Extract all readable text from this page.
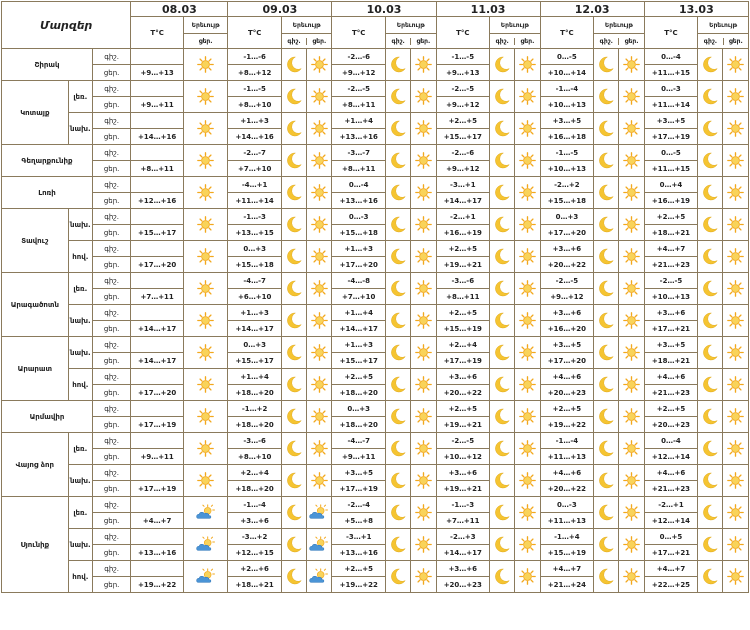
Մարզեր			08.03		09.03			10.03			11.03			12.03			13.03		
			T°C	Երեւույթ	T°C	Երեւույթ		T°C	Երեւույթ		T°C	Երեւույթ		T°C	Երեւույթ		T°C	Երեւույթ	
				ցեր.		գիշ. ցեր.			գիշ. ցեր.			գիշ. ցեր.			գիշ. ցեր.			գիշ. ցեր.	

Շիրակ		գիշ.			-1…-6			-2…-6			-1…-5			0…-5			0…-4	

		ցեր.	+9…+13		+8…+12			+9…+12			+9…+13			+10…+14			+11…+15		
Կոտայք	լեռ.	գիշ.			-1…-5			-2…-5			-2…-5			-1…-4			0…-3	

		ցեր.	+9…+11		+8…+10			+8…+11			+9…+12			+10…+13			+11…+14		
	նախ.	գիշ.			+1…+3			+1…+4			+2…+5			+3…+5			+3…+5	

		ցեր.	+14…+16		+14…+16			+13…+16			+15…+17			+16…+18			+17…+19		
Գեղարքունիք		գիշ.			-2…-7			-3…-7			-2…-6			-1…-5			0…-5	

		ցեր.	+8…+11		+7…+10			+8…+11			+9…+12			+10…+13			+11…+15		
Լոռի		գիշ.			-4…+1			0…-4			-3…+1			-2…+2			0…+4	

		ցեր.	+12…+16		+11…+14			+13…+16			+14…+17			+15…+18			+16…+19		
Տավուշ	նախ.	գիշ.			-1…-3			0…-3			-2…+1			0…+3			+2…+5	

		ցեր.	+15…+17		+13…+15			+15…+18			+16…+19			+17…+20			+18…+21		
	հով.	գիշ.			0…+3			+1…+3			+2…+5			+3…+6			+4…+7	

		ցեր.	+17…+20		+15…+18			+17…+20			+19…+21			+20…+22			+21…+23		
Արագածոտն	լեռ.	գիշ.			-4…-7			-4…-8			-3…-6			-2…-5			-2…-5	

		ցեր.	+7…+11		+6…+10			+7…+10			+8…+11			+9…+12			+10…+13		
	նախ.	գիշ.			+1…+3			+1…+4			+2…+5			+3…+6			+3…+6	

		ցեր.	+14…+17		+14…+17			+14…+17			+15…+19			+16…+20			+17…+21		
Արարատ	նախ.	գիշ.			0…+3			+1…+3			+2…+4			+3…+5			+3…+5	

		ցեր.	+14…+17		+15…+17			+15…+17			+17…+19			+17…+20			+18…+21		
	հով.	գիշ.			+1…+4			+2…+5			+3…+6			+4…+6			+4…+6	

		ցեր.	+17…+20		+18…+20			+18…+20			+20…+22			+20…+23			+21…+23		
Արմավիր		գիշ.			-1…+2			0…+3			+2…+5			+2…+5			+2…+5	

		ցեր.	+17…+19		+18…+20			+18…+20			+19…+21			+19…+22			+20…+23		
Վայոց ձոր	լեռ.	գիշ.			-3…-6			-4…-7			-2…-5			-1…-4			0…-4	

		ցեր.	+9…+11		+8…+10			+9…+11			+10…+12			+11…+13			+12…+14		
	նախ.	գիշ.			+2…+4			+3…+5			+3…+6			+4…+6			+4…+6	

		ցեր.	+17…+19		+18…+20			+17…+19			+19…+21			+20…+22			+21…+23		
Սյունիք	լեռ.	գիշ.			-1…-4			-2…-4			-1…-3			0…-3			-2…+1	

		ցեր.	+4…+7		+3…+6			+5…+8			+7…+11			+11…+13			+12…+14		
	նախ.	գիշ.			-3…+2			-3…+1			-2…+3			-1…+4			0…+5	

		ցեր.	+13…+16		+12…+15			+13…+16			+14…+17			+15…+19			+17…+21		
	հով.	գիշ.			+2…+6			+2…+5			+3…+6			+4…+7			+4…+7	

		ցեր.	+19…+22		+18…+21			+19…+22			+20…+23			+21…+24			+22…+25		
